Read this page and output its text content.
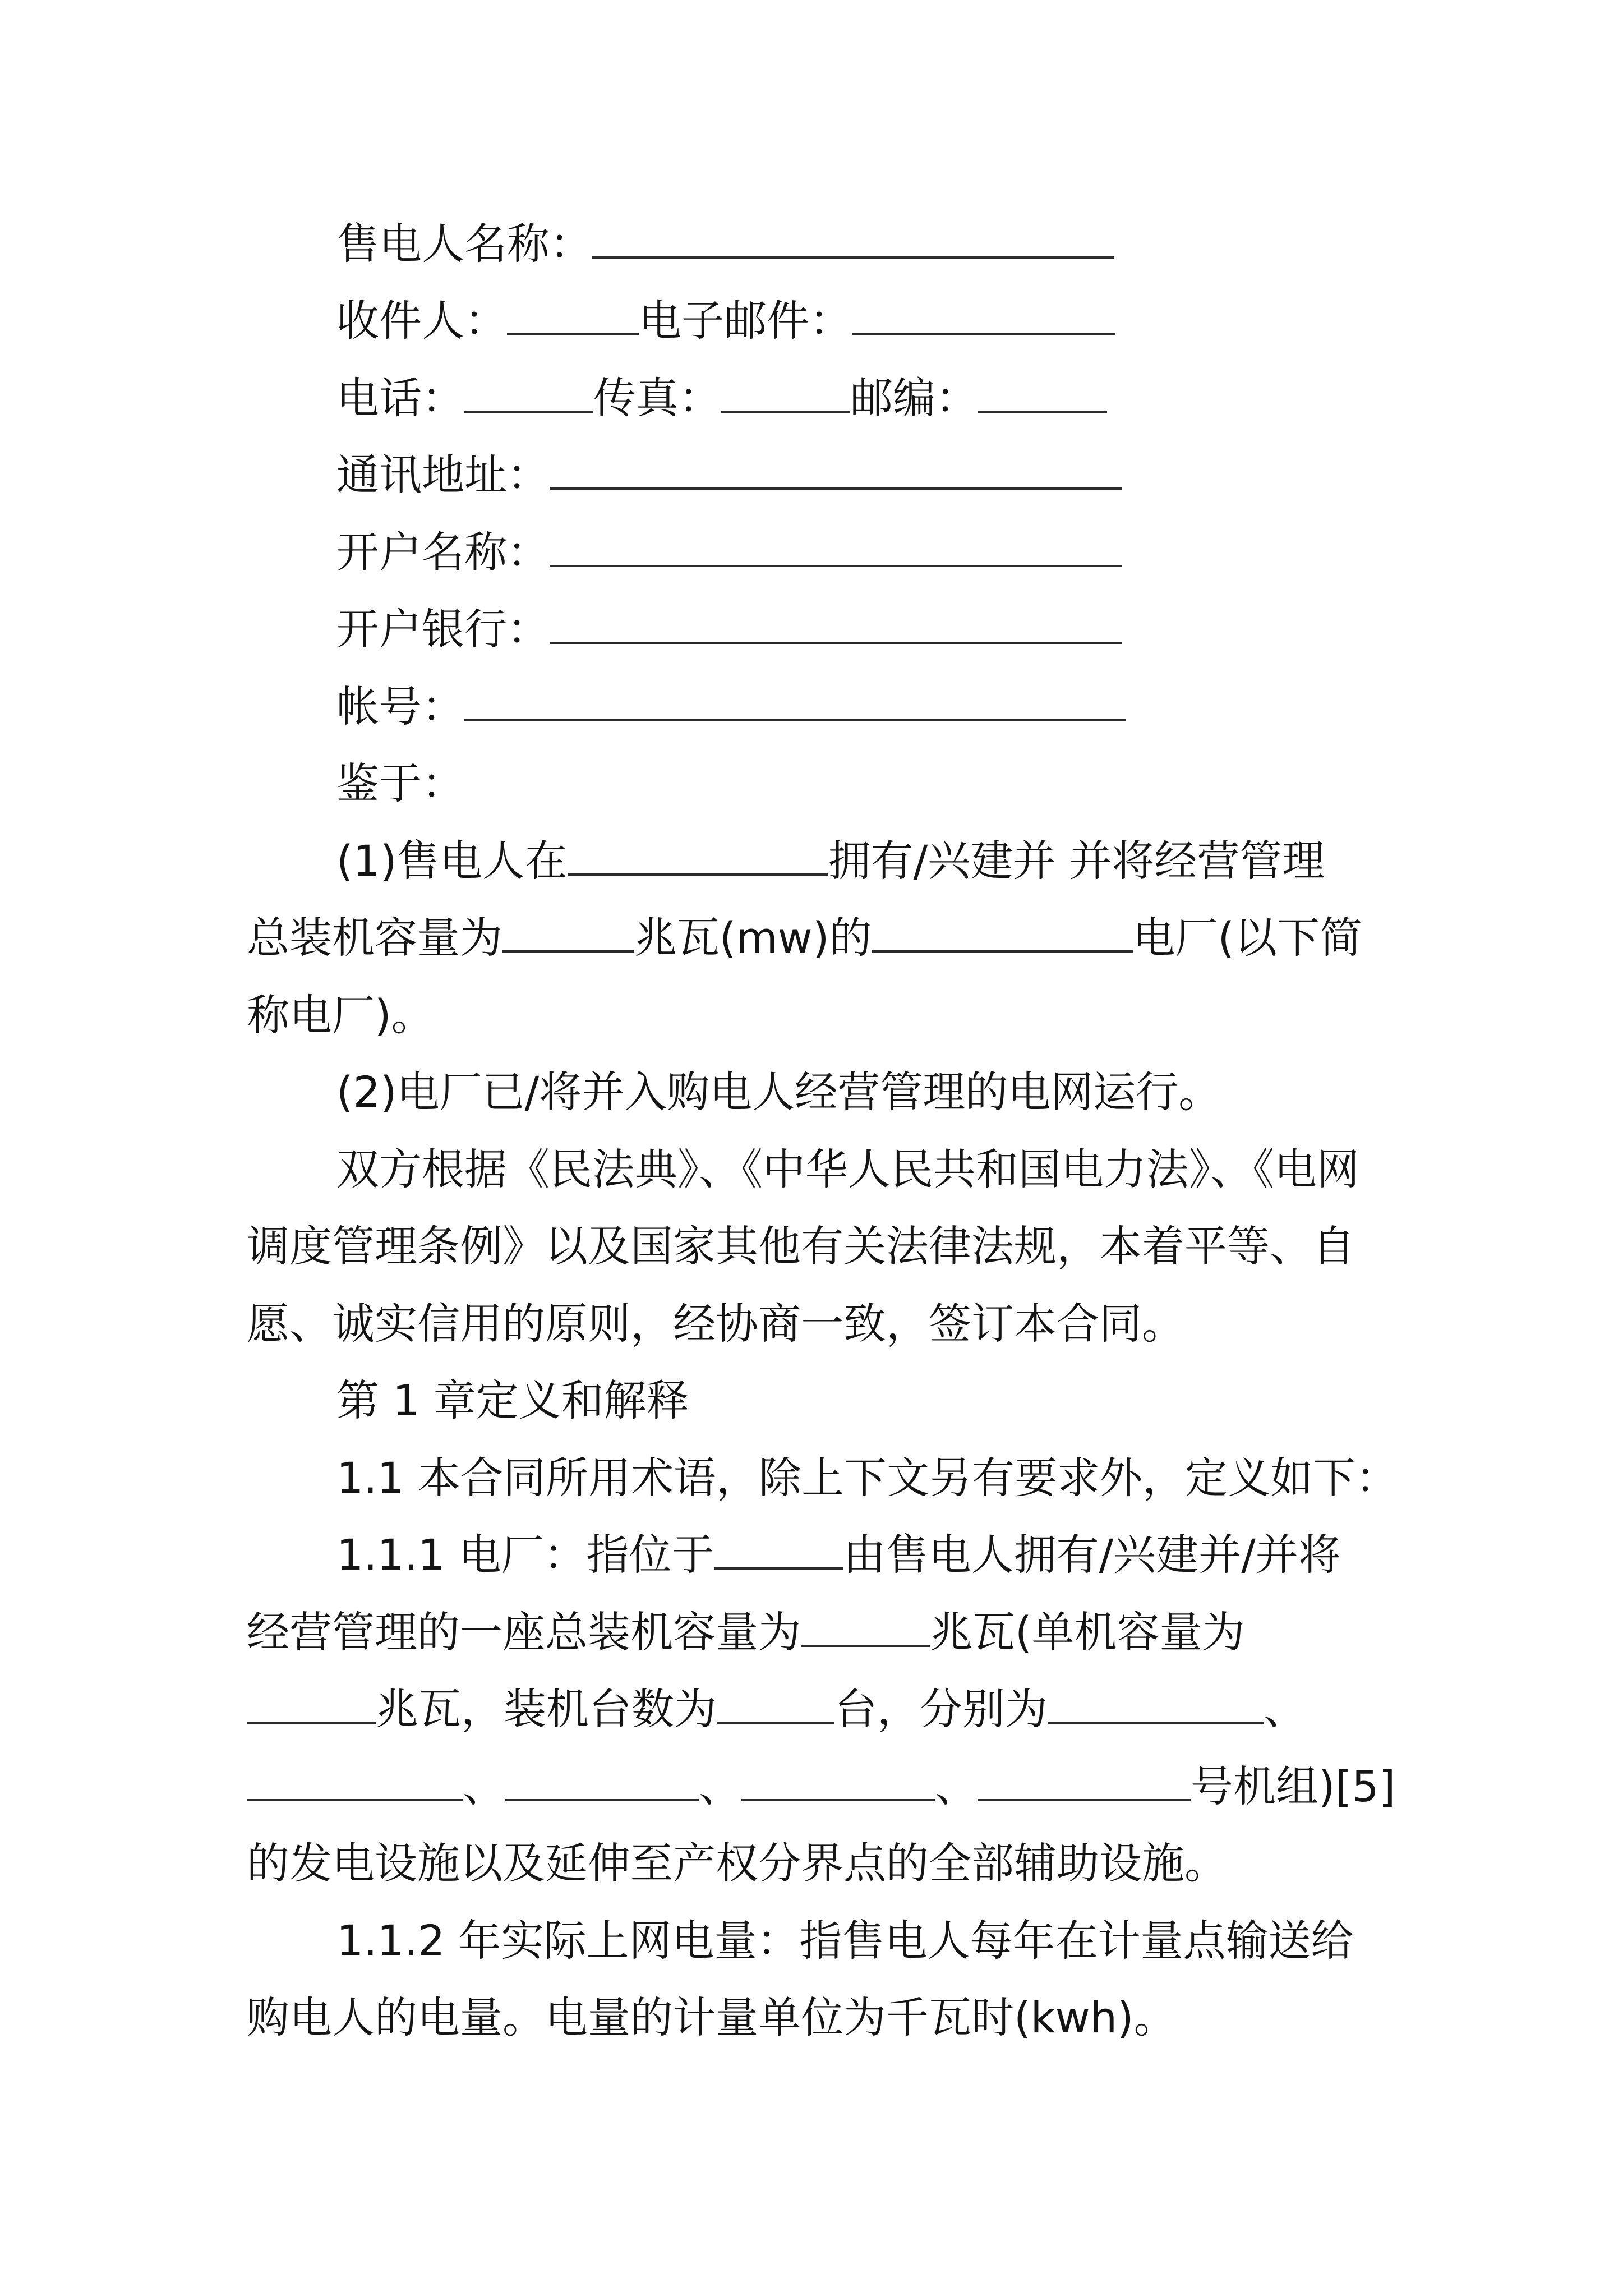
售电人名称：
收件人：	电子邮件：
电话：	传真：	邮编：
通讯地址：
开户名称：
开户银行：
帐号：
鉴于：
(1)售电人在	拥有/兴建并 并将经营管理
总装机容量为	兆瓦(mw)的	电厂(以下简
称电厂)。
(2)电厂已/将并入购电人经营管理的电网运行。
双方根据《民法典》、《中华人民共和国电力法》、《电网
调度管理条例》以及国家其他有关法律法规，本着平等、自
愿、诚实信用的原则，经协商一致，签订本合同。
第 1 章定义和解释
1.1 本合同所用术语，除上下文另有要求外，定义如下：
1.1.1 电厂：指位于	由售电人拥有/兴建并/并将
经营管理的一座总装机容量为	兆瓦(单机容量为
兆瓦，装机台数为	台，分别为	、
、	、	、	号机组)[5]
的发电设施以及延伸至产权分界点的全部辅助设施。
1.1.2 年实际上网电量：指售电人每年在计量点输送给
购电人的电量。电量的计量单位为千瓦时(kwh)。
